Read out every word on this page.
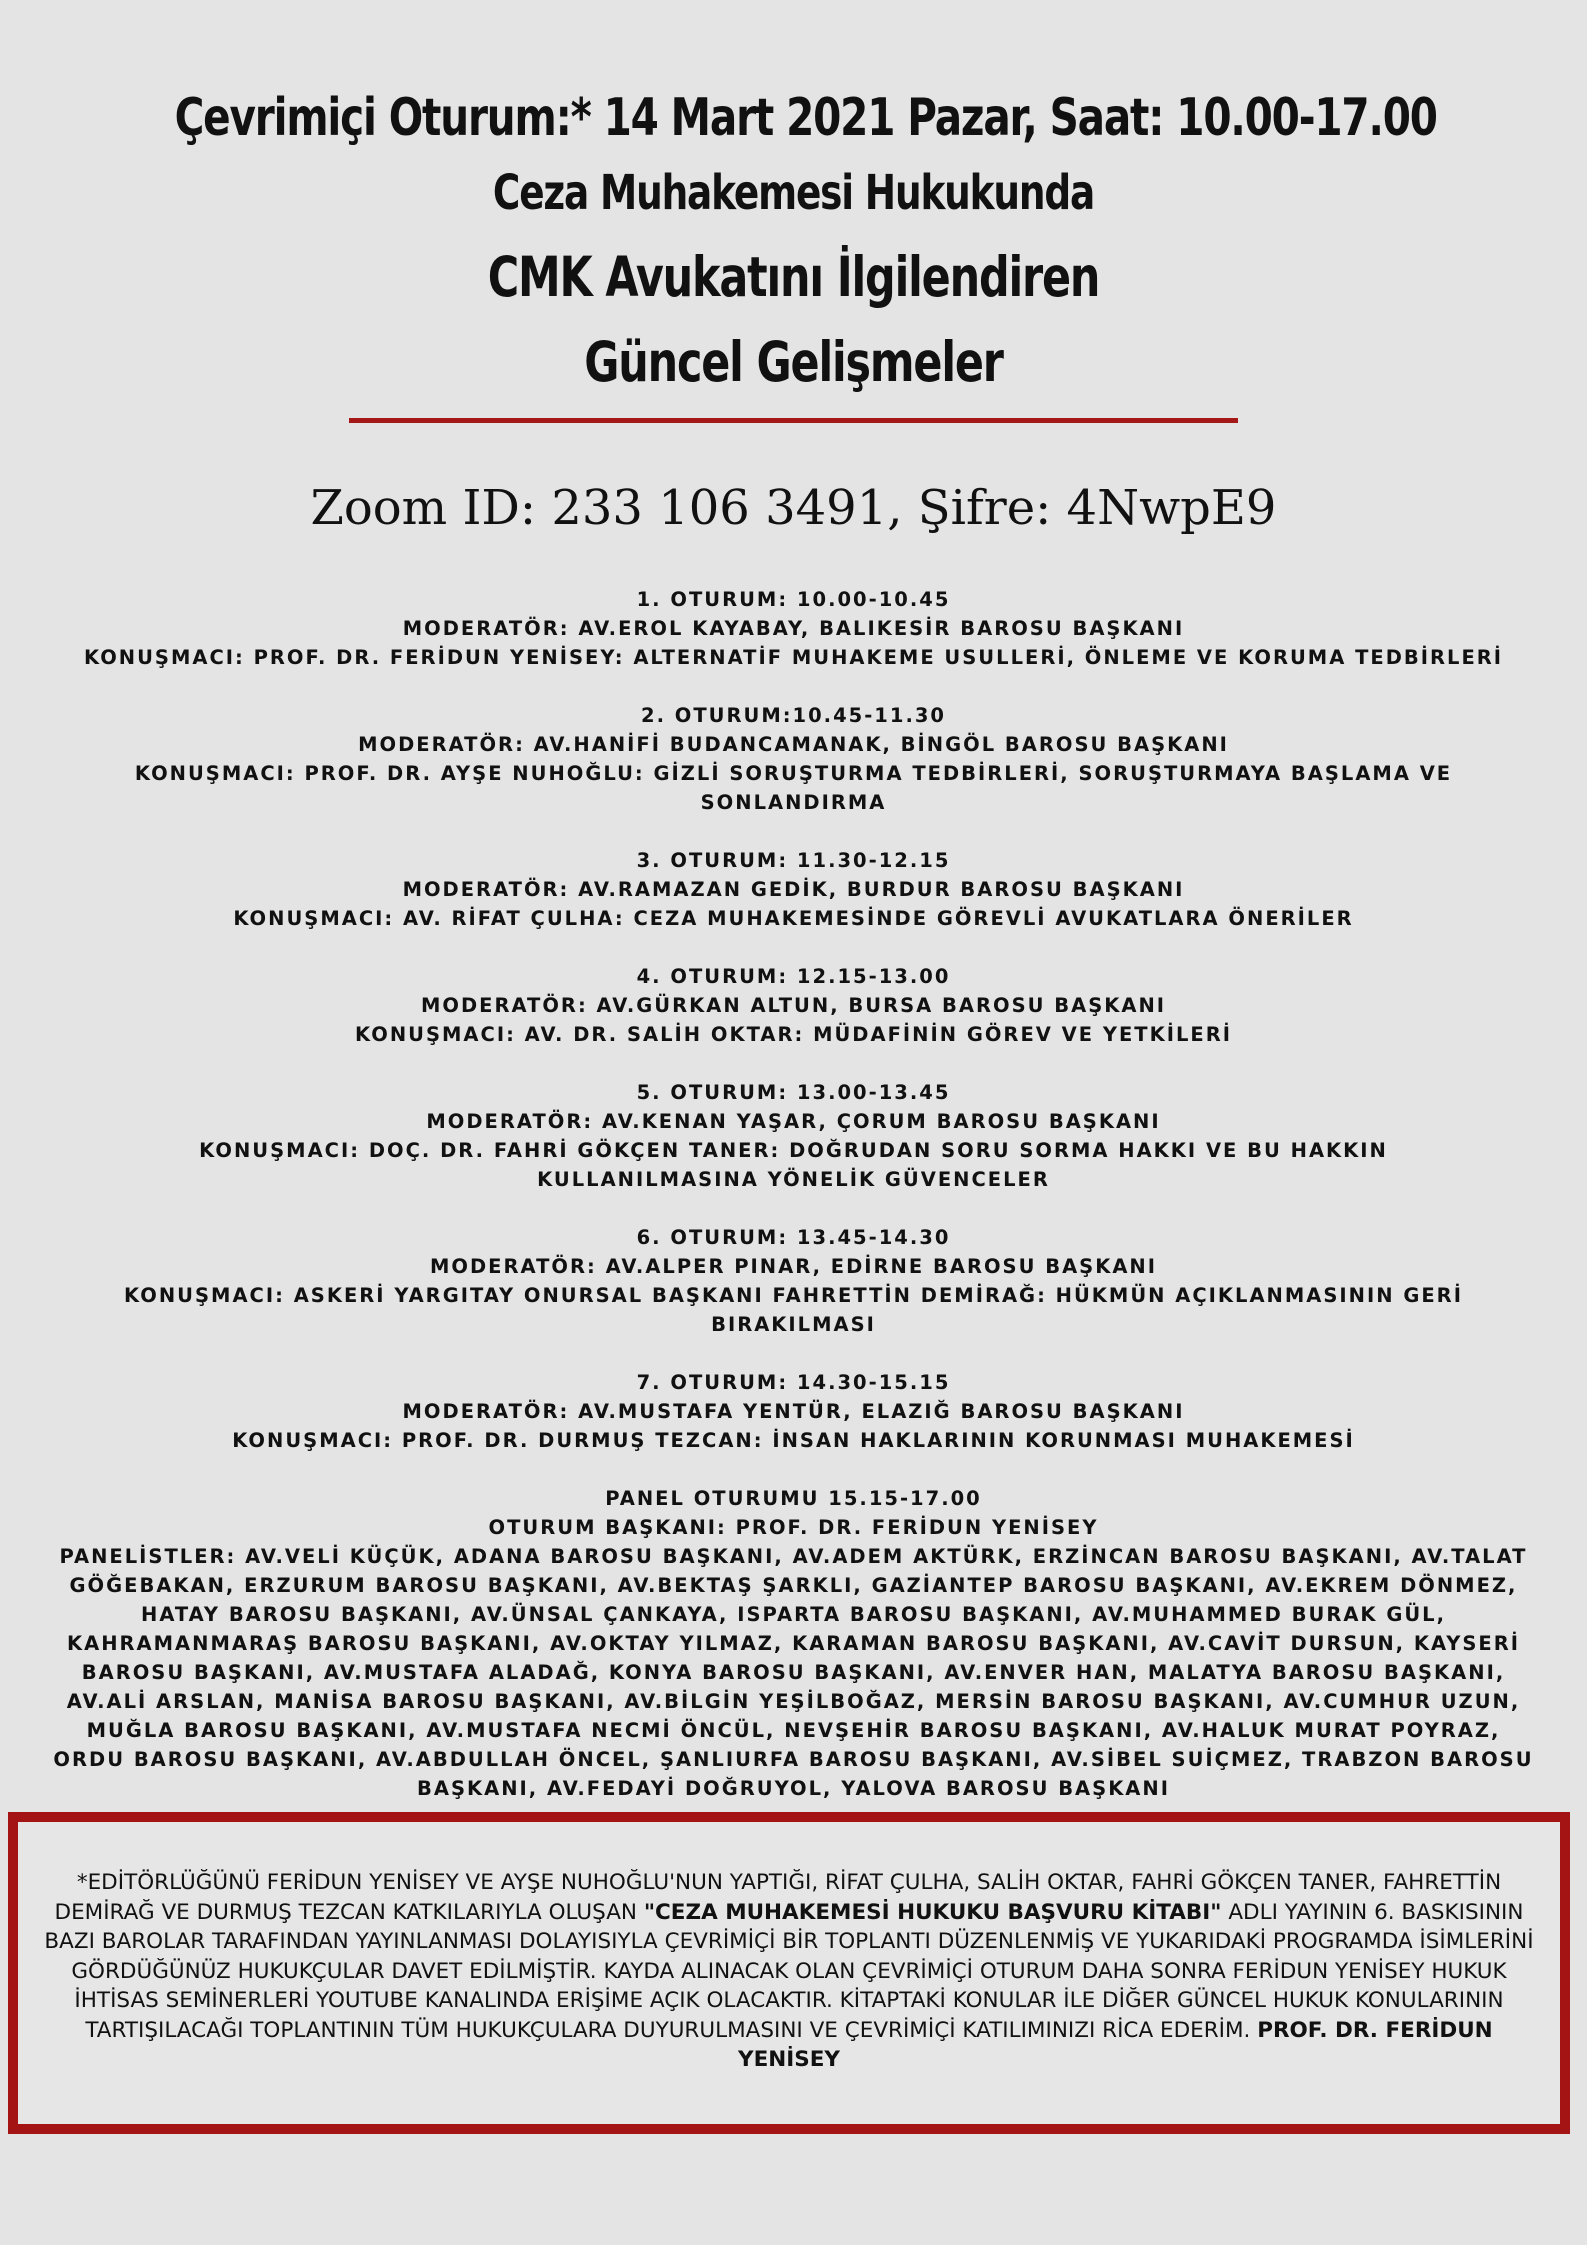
Çevrimiçi Oturum:* 14 Mart 2021 Pazar, Saat: 10.00-17.00
Ceza Muhakemesi Hukukunda
CMK Avukatını İlgilendiren
Güncel Gelişmeler
Zoom ID: 233 106 3491, Şifre: 4NwpE9

1. OTURUM: 10.00-10.45

MODERATÖR: AV.EROL KAYABAY, BALIKESİR BAROSU BAŞKANI

KONUŞMACI: PROF. DR. FERİDUN YENİSEY: ALTERNATİF MUHAKEME USULLERİ, ÖNLEME VE KORUMA TEDBİRLERİ

2. OTURUM:10.45-11.30

MODERATÖR: AV.HANİFİ BUDANCAMANAK, BİNGÖL BAROSU BAŞKANI

KONUŞMACI: PROF. DR. AYŞE NUHOĞLU: GİZLİ SORUŞTURMA TEDBİRLERİ, SORUŞTURMAYA BAŞLAMA VE SONLANDIRMA

3. OTURUM: 11.30-12.15

MODERATÖR: AV.RAMAZAN GEDİK, BURDUR BAROSU BAŞKANI

KONUŞMACI: AV. RİFAT ÇULHA: CEZA MUHAKEMESİNDE GÖREVLİ AVUKATLARA ÖNERİLER

4. OTURUM: 12.15-13.00

MODERATÖR: AV.GÜRKAN ALTUN, BURSA BAROSU BAŞKANI

KONUŞMACI: AV. DR. SALİH OKTAR: MÜDAFİNİN GÖREV VE YETKİLERİ

5. OTURUM: 13.00-13.45

MODERATÖR: AV.KENAN YAŞAR, ÇORUM BAROSU BAŞKANI

KONUŞMACI: DOÇ. DR. FAHRİ GÖKÇEN TANER: DOĞRUDAN SORU SORMA HAKKI VE BU HAKKIN KULLANILMASINA YÖNELİK GÜVENCELER

6. OTURUM: 13.45-14.30

MODERATÖR: AV.ALPER PINAR, EDİRNE BAROSU BAŞKANI

KONUŞMACI: ASKERİ YARGITAY ONURSAL BAŞKANI FAHRETTİN DEMİRAĞ: HÜKMÜN AÇIKLANMASININ GERİ BIRAKILMASI

7. OTURUM: 14.30-15.15

MODERATÖR: AV.MUSTAFA YENTÜR, ELAZIĞ BAROSU BAŞKANI

KONUŞMACI: PROF. DR. DURMUŞ TEZCAN: İNSAN HAKLARININ KORUNMASI MUHAKEMESİ

PANEL OTURUMU 15.15-17.00

OTURUM BAŞKANI: PROF. DR. FERİDUN YENİSEY

PANELİSTLER: AV.VELİ KÜÇÜK, ADANA BAROSU BAŞKANI, AV.ADEM AKTÜRK, ERZİNCAN BAROSU BAŞKANI, AV.TALAT GÖĞEBAKAN, ERZURUM BAROSU BAŞKANI, AV.BEKTAŞ ŞARKLI, GAZİANTEP BAROSU BAŞKANI, AV.EKREM DÖNMEZ, HATAY BAROSU BAŞKANI, AV.ÜNSAL ÇANKAYA, ISPARTA BAROSU BAŞKANI, AV.MUHAMMED BURAK GÜL, KAHRAMANMARAŞ BAROSU BAŞKANI, AV.OKTAY YILMAZ, KARAMAN BAROSU BAŞKANI, AV.CAVİT DURSUN, KAYSERİ BAROSU BAŞKANI, AV.MUSTAFA ALADAĞ, KONYA BAROSU BAŞKANI, AV.ENVER HAN, MALATYA BAROSU BAŞKANI, AV.ALİ ARSLAN, MANİSA BAROSU BAŞKANI, AV.BİLGİN YEŞİLBOĞAZ, MERSİN BAROSU BAŞKANI, AV.CUMHUR UZUN, MUĞLA BAROSU BAŞKANI, AV.MUSTAFA NECMİ ÖNCÜL, NEVŞEHİR BAROSU BAŞKANI, AV.HALUK MURAT POYRAZ, ORDU BAROSU BAŞKANI, AV.ABDULLAH ÖNCEL, ŞANLIURFA BAROSU BAŞKANI, AV.SİBEL SUİÇMEZ, TRABZON BAROSU BAŞKANI, AV.FEDAYİ DOĞRUYOL, YALOVA BAROSU BAŞKANI

*EDİTÖRLÜĞÜNÜ FERİDUN YENİSEY VE AYŞE NUHOĞLU'NUN YAPTIĞI, RİFAT ÇULHA, SALİH OKTAR, FAHRİ GÖKÇEN TANER, FAHRETTİN DEMİRAĞ VE DURMUŞ TEZCAN KATKILARIYLA OLUŞAN "CEZA MUHAKEMESİ HUKUKU BAŞVURU KİTABI" ADLI YAYININ 6. BASKISININ BAZI BAROLAR TARAFINDAN YAYINLANMASI DOLAYISIYLA ÇEVRİMİÇİ BİR TOPLANTI DÜZENLENMİŞ VE YUKARIDAKİ PROGRAMDA İSİMLERİNİ GÖRDÜĞÜNÜZ HUKUKÇULAR DAVET EDİLMİŞTİR. KAYDA ALINACAK OLAN ÇEVRİMİÇİ OTURUM DAHA SONRA FERİDUN YENİSEY HUKUK İHTİSAS SEMİNERLERİ YOUTUBE KANALINDA ERİŞİME AÇIK OLACAKTIR. KİTAPTAKİ KONULAR İLE DİĞER GÜNCEL HUKUK KONULARININ TARTIŞILACAĞI TOPLANTININ TÜM HUKUKÇULARA DUYURULMASINI VE ÇEVRİMİÇİ KATILIMINIZI RİCA EDERİM. PROF. DR. FERİDUN YENİSEY
